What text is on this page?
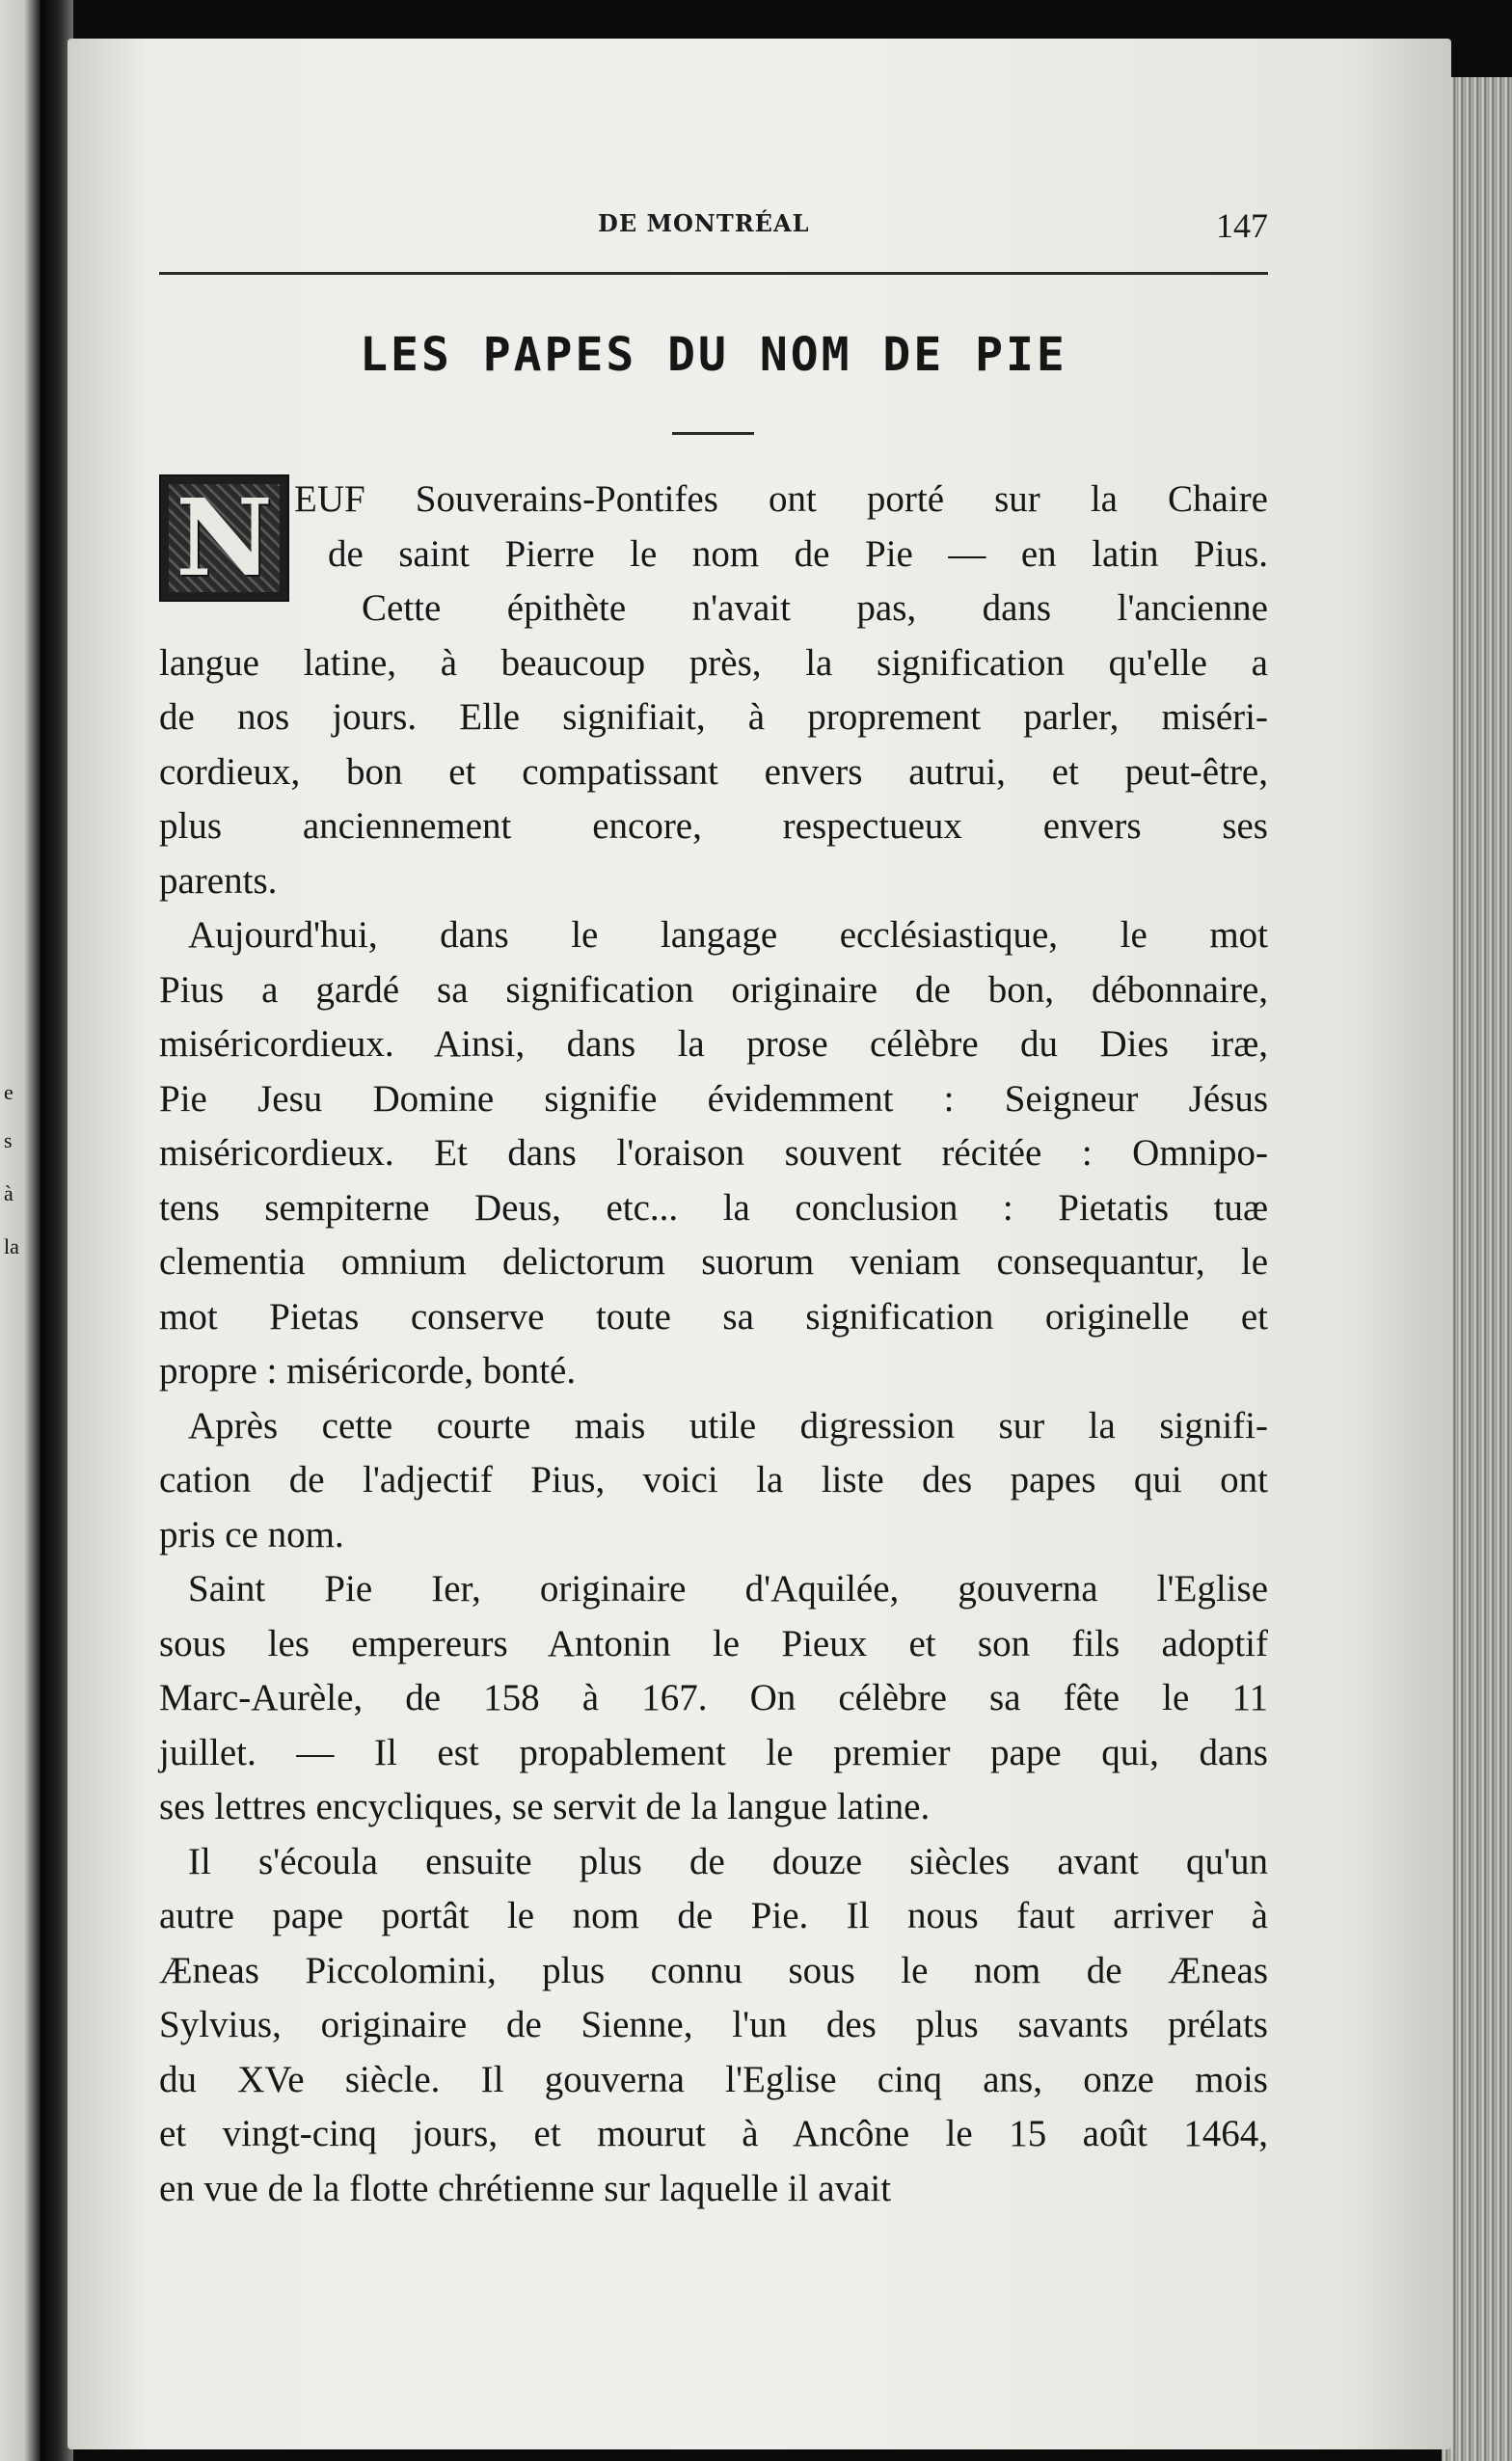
e
s
à
la
DE MONTRÉAL	147
LES PAPES DU NOM DE PIE
N EUF Souverains-Pontifes ont porté sur la Chaire
de saint Pierre le nom de Pie — en latin Pius.
Cette épithète n'avait pas, dans l'ancienne
langue latine, à beaucoup près, la signification qu'elle a
de nos jours. Elle signifiait, à proprement parler, miséri-
cordieux, bon et compatissant envers autrui, et peut-être,
plus anciennement encore, respectueux envers ses
parents.
Aujourd'hui, dans le langage ecclésiastique, le mot
Pius a gardé sa signification originaire de bon, débonnaire,
miséricordieux. Ainsi, dans la prose célèbre du Dies iræ,
Pie Jesu Domine signifie évidemment : Seigneur Jésus
miséricordieux. Et dans l'oraison souvent récitée : Omnipo-
tens sempiterne Deus, etc... la conclusion : Pietatis tuæ
clementia omnium delictorum suorum veniam consequantur, le
mot Pietas conserve toute sa signification originelle et
propre : miséricorde, bonté.
Après cette courte mais utile digression sur la signifi-
cation de l'adjectif Pius, voici la liste des papes qui ont
pris ce nom.
Saint Pie Ier, originaire d'Aquilée, gouverna l'Eglise
sous les empereurs Antonin le Pieux et son fils adoptif
Marc-Aurèle, de 158 à 167. On célèbre sa fête le 11
juillet. — Il est propablement le premier pape qui, dans
ses lettres encycliques, se servit de la langue latine.
Il s'écoula ensuite plus de douze siècles avant qu'un
autre pape portât le nom de Pie. Il nous faut arriver à
Æneas Piccolomini, plus connu sous le nom de Æneas
Sylvius, originaire de Sienne, l'un des plus savants prélats
du XVe siècle. Il gouverna l'Eglise cinq ans, onze mois
et vingt-cinq jours, et mourut à Ancône le 15 août 1464,
en vue de la flotte chrétienne sur laquelle il avait
